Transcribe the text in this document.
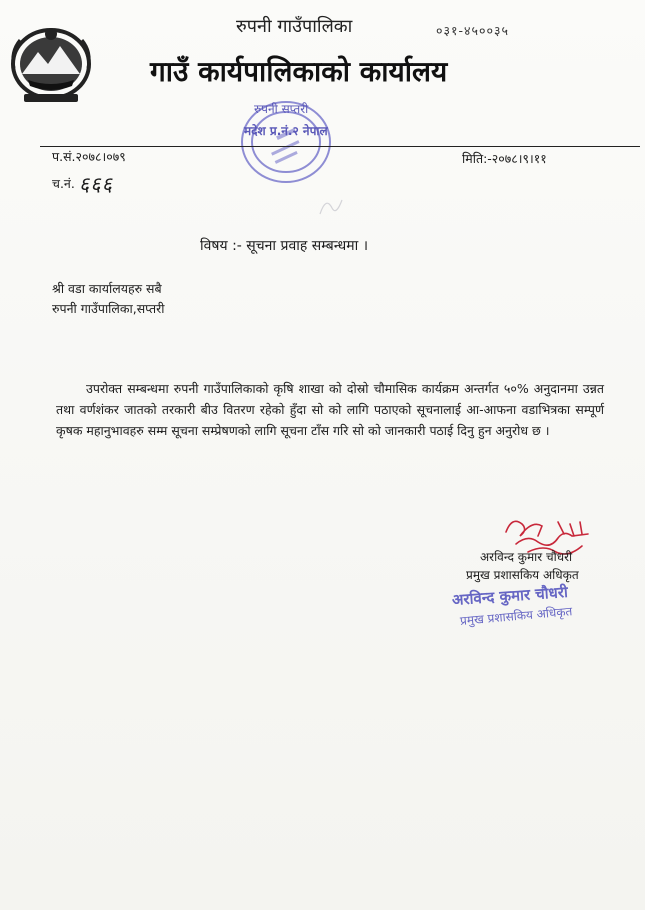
रुपनी गाउँपालिका	०३१-४५००३५
गाउँ कार्यपालिकाको कार्यालय
रुपनी सप्तरी
मदेश प्र.नं.२ नेपाल
प.सं.२०७८।०७९
च.नं. ६६६
मिति:-२०७८।९।११
विषय :- सूचना प्रवाह सम्बन्धमा ।
श्री वडा कार्यालयहरु सबै
रुपनी गाउँपालिका,सप्तरी
उपरोक्त सम्बन्धमा रुपनी गाउँपालिकाको कृषि शाखा को दोस्रो चौमासिक कार्यक्रम अन्तर्गत ५०% अनुदानमा उन्नत तथा वर्णशंकर जातको तरकारी बीउ वितरण रहेको हुँदा सो को लागि पठाएको सूचनालाई आ-आफना वडाभित्रका सम्पूर्ण कृषक महानुभावहरु सम्म सूचना सम्प्रेषणको लागि सूचना टाँस गरि सो को जानकारी पठाई दिनु हुन अनुरोध छ ।
अरविन्द कुमार चौधरी
प्रमुख प्रशासकिय अधिकृत
अरविन्द कुमार चौधरी
प्रमुख प्रशासकिय अधिकृत
